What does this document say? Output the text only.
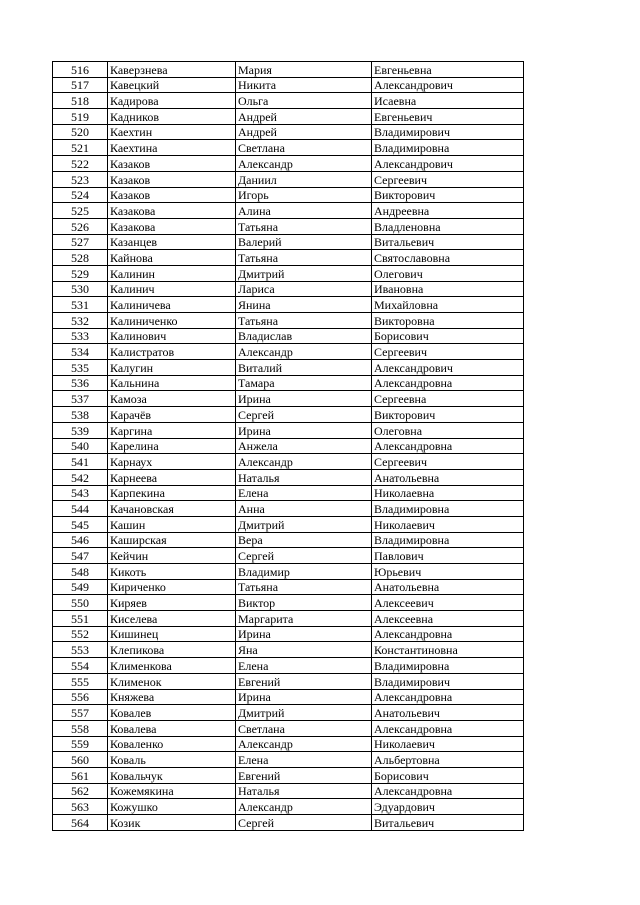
516	Каверзнева	Мария	Евгеньевна
517	Кавецкий	Никита	Александрович
518	Кадирова	Ольга	Исаевна
519	Кадников	Андрей	Евгеньевич
520	Каехтин	Андрей	Владимирович
521	Каехтина	Светлана	Владимировна
522	Казаков	Александр	Александрович
523	Казаков	Даниил	Сергеевич
524	Казаков	Игорь	Викторович
525	Казакова	Алина	Андреевна
526	Казакова	Татьяна	Владленовна
527	Казанцев	Валерий	Витальевич
528	Кайнова	Татьяна	Святославовна
529	Калинин	Дмитрий	Олегович
530	Калинич	Лариса	Ивановна
531	Калиничева	Янина	Михайловна
532	Калиниченко	Татьяна	Викторовна
533	Калинович	Владислав	Борисович
534	Калистратов	Александр	Сергеевич
535	Калугин	Виталий	Александрович
536	Кальнина	Тамара	Александровна
537	Камоза	Ирина	Сергеевна
538	Карачёв	Сергей	Викторович
539	Каргина	Ирина	Олеговна
540	Карелина	Анжела	Александровна
541	Карнаух	Александр	Сергеевич
542	Карнеева	Наталья	Анатольевна
543	Карпекина	Елена	Николаевна
544	Качановская	Анна	Владимировна
545	Кашин	Дмитрий	Николаевич
546	Каширская	Вера	Владимировна
547	Кейчин	Сергей	Павлович
548	Кикоть	Владимир	Юрьевич
549	Кириченко	Татьяна	Анатольевна
550	Киряев	Виктор	Алексеевич
551	Киселева	Маргарита	Алексеевна
552	Кишинец	Ирина	Александровна
553	Клепикова	Яна	Константиновна
554	Клименкова	Елена	Владимировна
555	Клименок	Евгений	Владимирович
556	Княжева	Ирина	Александровна
557	Ковалев	Дмитрий	Анатольевич
558	Ковалева	Светлана	Александровна
559	Коваленко	Александр	Николаевич
560	Коваль	Елена	Альбертовна
561	Ковальчук	Евгений	Борисович
562	Кожемякина	Наталья	Александровна
563	Кожушко	Александр	Эдуардович
564	Козик	Сергей	Витальевич
